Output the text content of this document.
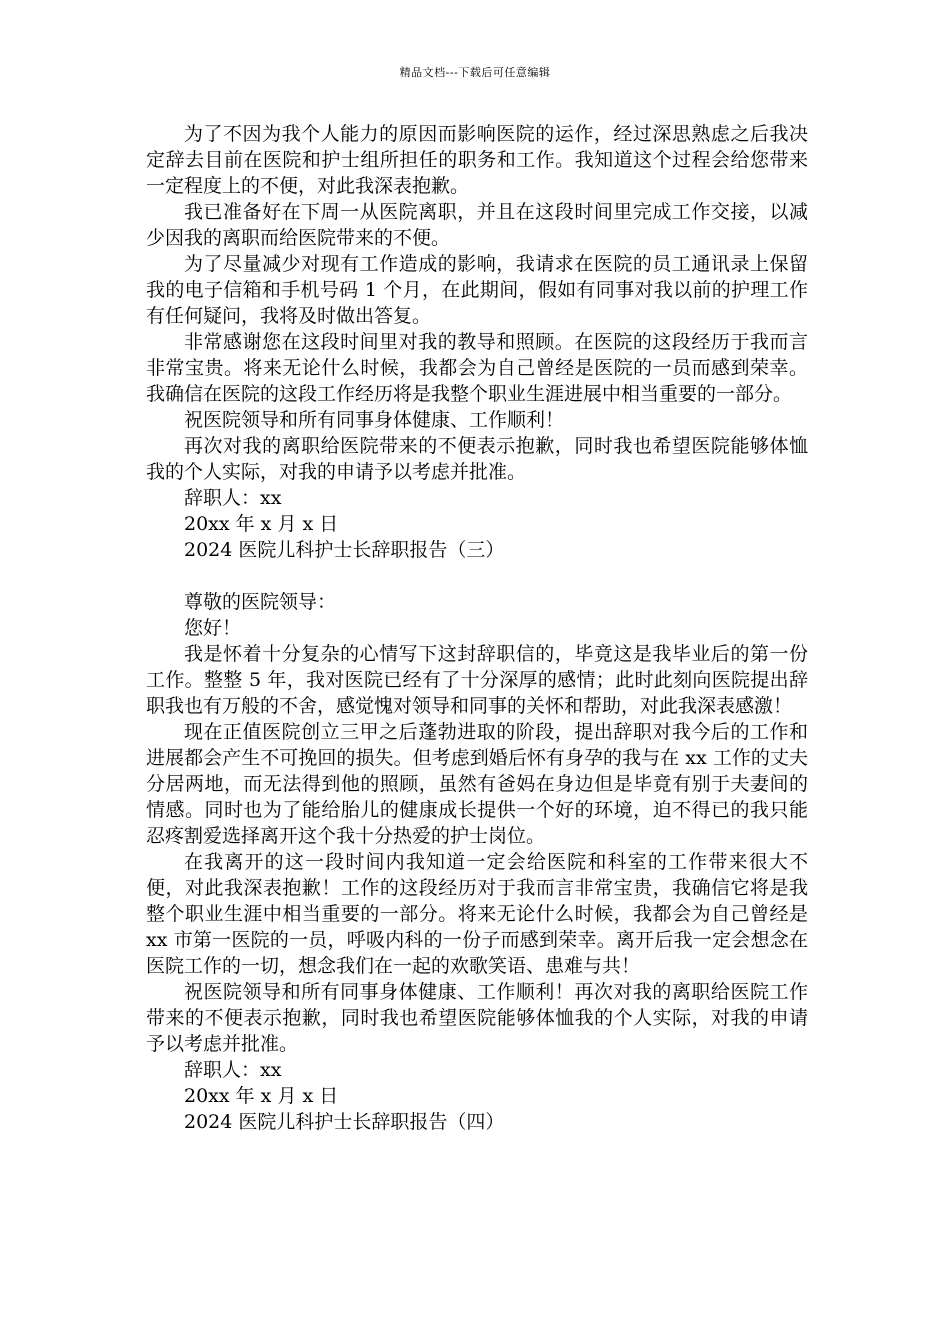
精品文档---下载后可任意编辑

为了不因为我个人能力的原因而影响医院的运作，经过深思熟虑之后我决定辞去目前在医院和护士组所担任的职务和工作。我知道这个过程会给您带来一定程度上的不便，对此我深表抱歉。

我已准备好在下周一从医院离职，并且在这段时间里完成工作交接，以减少因我的离职而给医院带来的不便。

为了尽量减少对现有工作造成的影响，我请求在医院的员工通讯录上保留我的电子信箱和手机号码 1 个月，在此期间，假如有同事对我以前的护理工作有任何疑问，我将及时做出答复。

非常感谢您在这段时间里对我的教导和照顾。在医院的这段经历于我而言非常宝贵。将来无论什么时候，我都会为自己曾经是医院的一员而感到荣幸。我确信在医院的这段工作经历将是我整个职业生涯进展中相当重要的一部分。

祝医院领导和所有同事身体健康、工作顺利！

再次对我的离职给医院带来的不便表示抱歉，同时我也希望医院能够体恤我的个人实际，对我的申请予以考虑并批准。

辞职人：xx

20xx 年 x 月 x 日

2024 医院儿科护士长辞职报告（三）

尊敬的医院领导：

您好！

我是怀着十分复杂的心情写下这封辞职信的，毕竟这是我毕业后的第一份工作。整整 5 年，我对医院已经有了十分深厚的感情；此时此刻向医院提出辞职我也有万般的不舍，感觉愧对领导和同事的关怀和帮助，对此我深表感激！

现在正值医院创立三甲之后蓬勃进取的阶段，提出辞职对我今后的工作和进展都会产生不可挽回的损失。但考虑到婚后怀有身孕的我与在 xx 工作的丈夫分居两地，而无法得到他的照顾，虽然有爸妈在身边但是毕竟有别于夫妻间的情感。同时也为了能给胎儿的健康成长提供一个好的环境，迫不得已的我只能忍疼割爱选择离开这个我十分热爱的护士岗位。

在我离开的这一段时间内我知道一定会给医院和科室的工作带来很大不便，对此我深表抱歉！工作的这段经历对于我而言非常宝贵，我确信它将是我整个职业生涯中相当重要的一部分。将来无论什么时候，我都会为自己曾经是 xx 市第一医院的一员，呼吸内科的一份子而感到荣幸。离开后我一定会想念在医院工作的一切，想念我们在一起的欢歌笑语、患难与共！

祝医院领导和所有同事身体健康、工作顺利！再次对我的离职给医院工作带来的不便表示抱歉，同时我也希望医院能够体恤我的个人实际，对我的申请予以考虑并批准。

辞职人：xx

20xx 年 x 月 x 日

2024 医院儿科护士长辞职报告（四）
